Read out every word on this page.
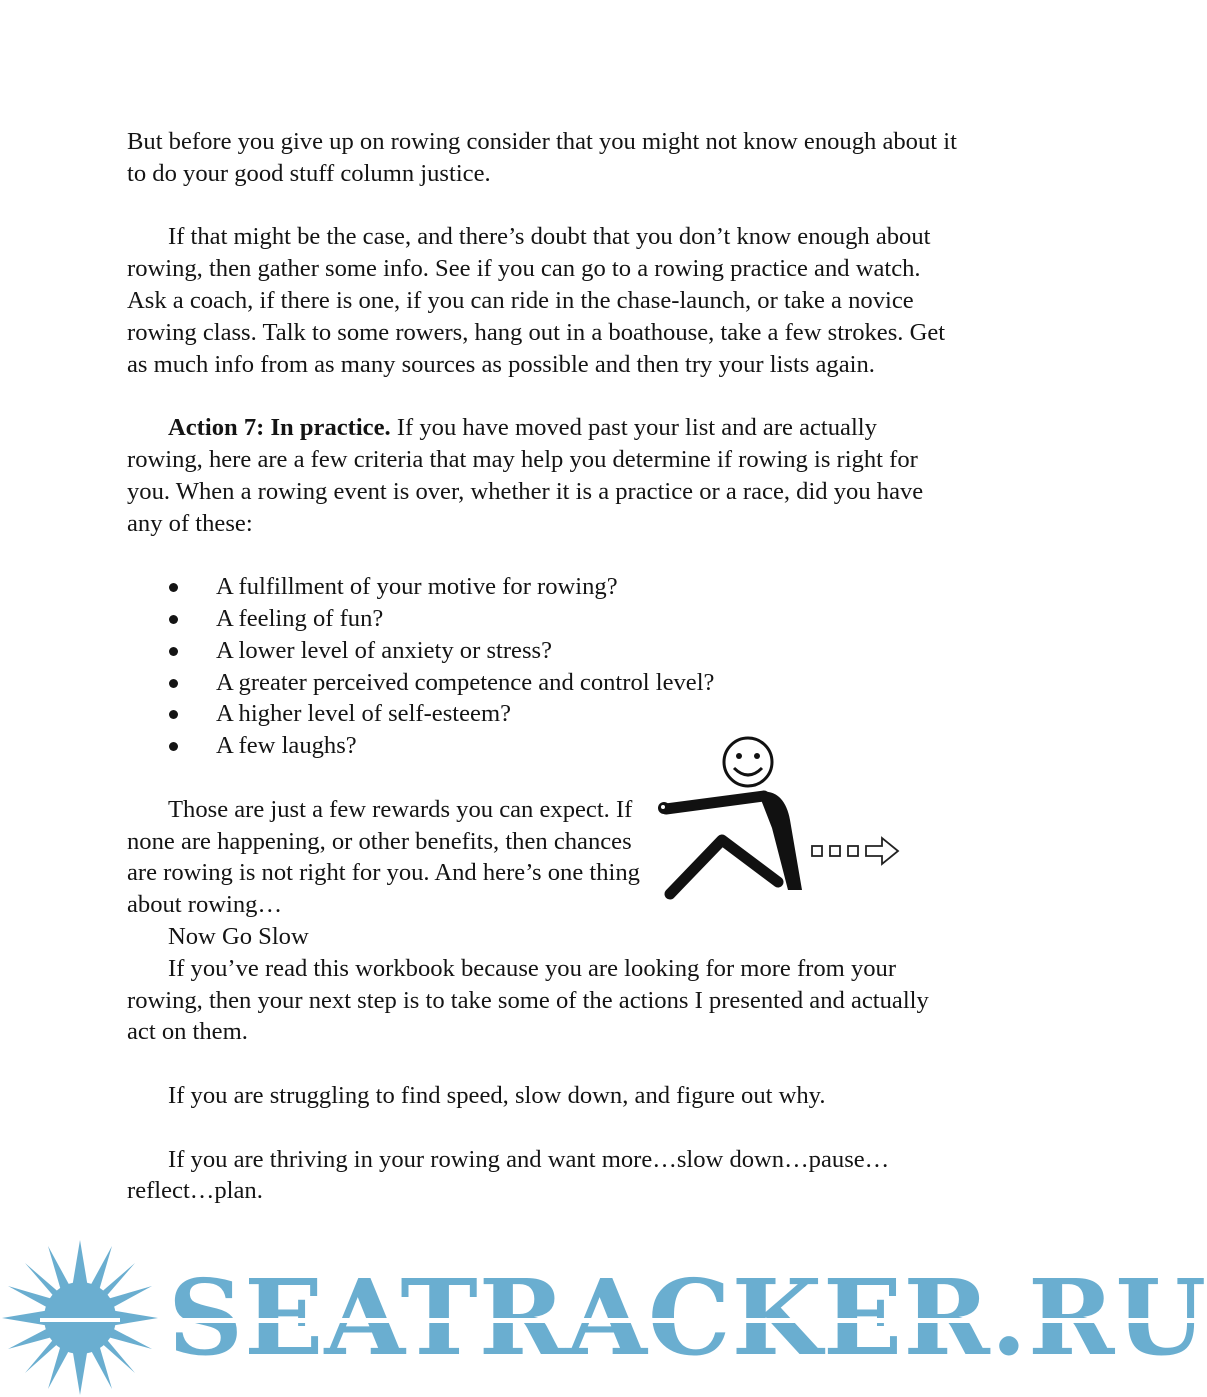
But before you give up on rowing consider that you might not know enough about it to do your good stuff column justice.

If that might be the case, and there’s doubt that you don’t know enough about rowing, then gather some info. See if you can go to a rowing practice and watch. Ask a coach, if there is one, if you can ride in the chase-launch, or take a novice rowing class. Talk to some rowers, hang out in a boathouse, take a few strokes. Get as much info from as many sources as possible and then try your lists again.

Action 7: In practice. If you have moved past your list and are actually rowing, here are a few criteria that may help you determine if rowing is right for you. When a rowing event is over, whether it is a practice or a race, did you have any of these:

A fulfillment of your motive for rowing?
A feeling of fun?
A lower level of anxiety or stress?
A greater perceived competence and control level?
A higher level of self-esteem?
A few laughs?

Those are just a few rewards you can expect. If none are happening, or other benefits, then chances are rowing is not right for you. And here’s one thing about rowing…

Now Go Slow

If you’ve read this workbook because you are looking for more from your rowing, then your next step is to take some of the actions I presented and actually act on them.

If you are struggling to find speed, slow down, and figure out why.

If you are thriving in your rowing and want more…slow down…pause…reflect…plan.

SEATRACKER.RU
